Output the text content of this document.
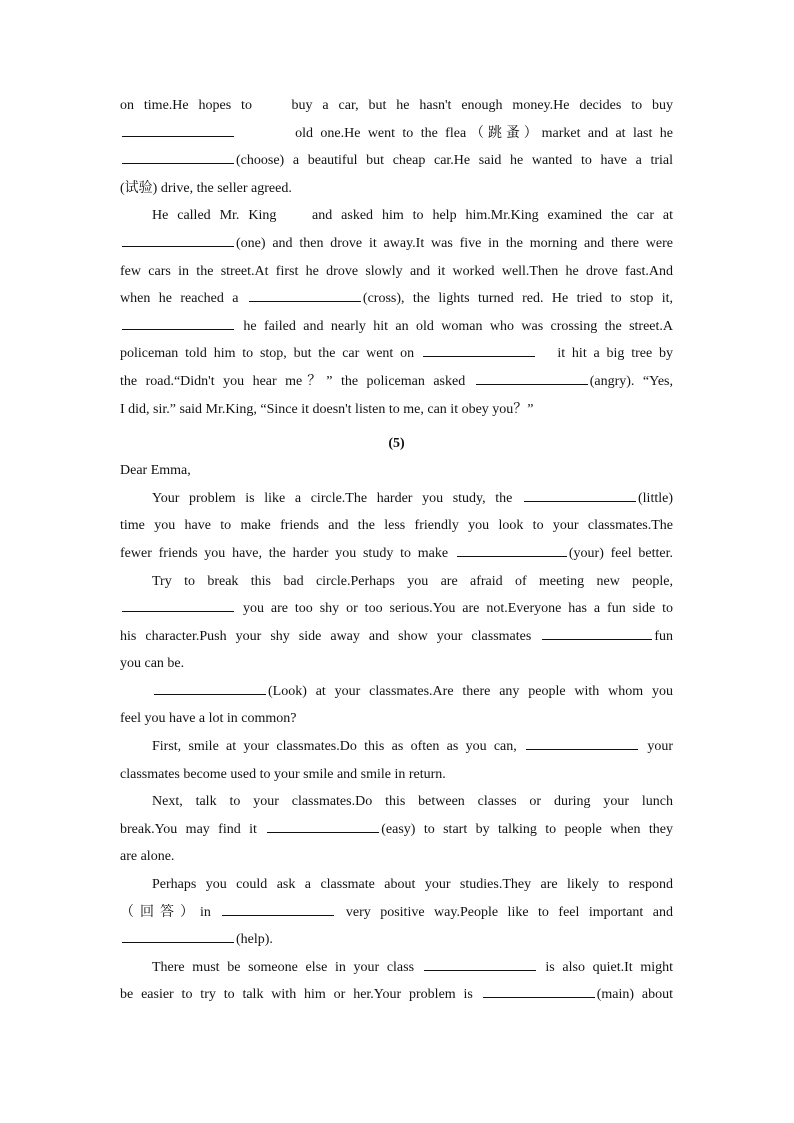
on time.He hopes to	buy a car, but he hasn't enough money.He decides to buy

old one.He went to the flea（跳蚤）market and at last he

(choose) a beautiful but cheap car.He said he wanted to have a trial

(试验) drive, the seller agreed.

He called Mr. King	and asked him to help him.Mr.King examined the car at

(one) and then drove it away.It was five in the morning and there were

few cars in the street.At first he drove slowly and it worked well.Then he drove fast.And

when he reached a	(cross), the lights turned red. He tried to stop it,

he failed and nearly hit an old woman who was crossing the street.A

policeman told him to stop, but the car went on	it hit a big tree by

the road.“Didn't you hear me？” the policeman asked	(angry). “Yes,

I did, sir.” said Mr.King, “Since it doesn't listen to me, can it obey you？”

(5)

Dear Emma,

Your problem is like a circle.The harder you study, the	(little)

time you have to make friends and the less friendly you look to your classmates.The

fewer friends you have, the harder you study to make	(your) feel better.

Try to break this bad circle.Perhaps you are afraid of meeting new people,

you are too shy or too serious.You are not.Everyone has a fun side to

his character.Push your shy side away and show your classmates	fun

you can be.

(Look) at your classmates.Are there any people with whom you

feel you have a lot in common?

First, smile at your classmates.Do this as often as you can,	your

classmates become used to your smile and smile in return.

Next, talk to your classmates.Do this between classes or during your lunch

break.You may find it	(easy) to start by talking to people when they

are alone.

Perhaps you could ask a classmate about your studies.They are likely to respond

（回答）in	very positive way.People like to feel important and

(help).

There must be someone else in your class	is also quiet.It might

be easier to try to talk with him or her.Your problem is	(main) about
